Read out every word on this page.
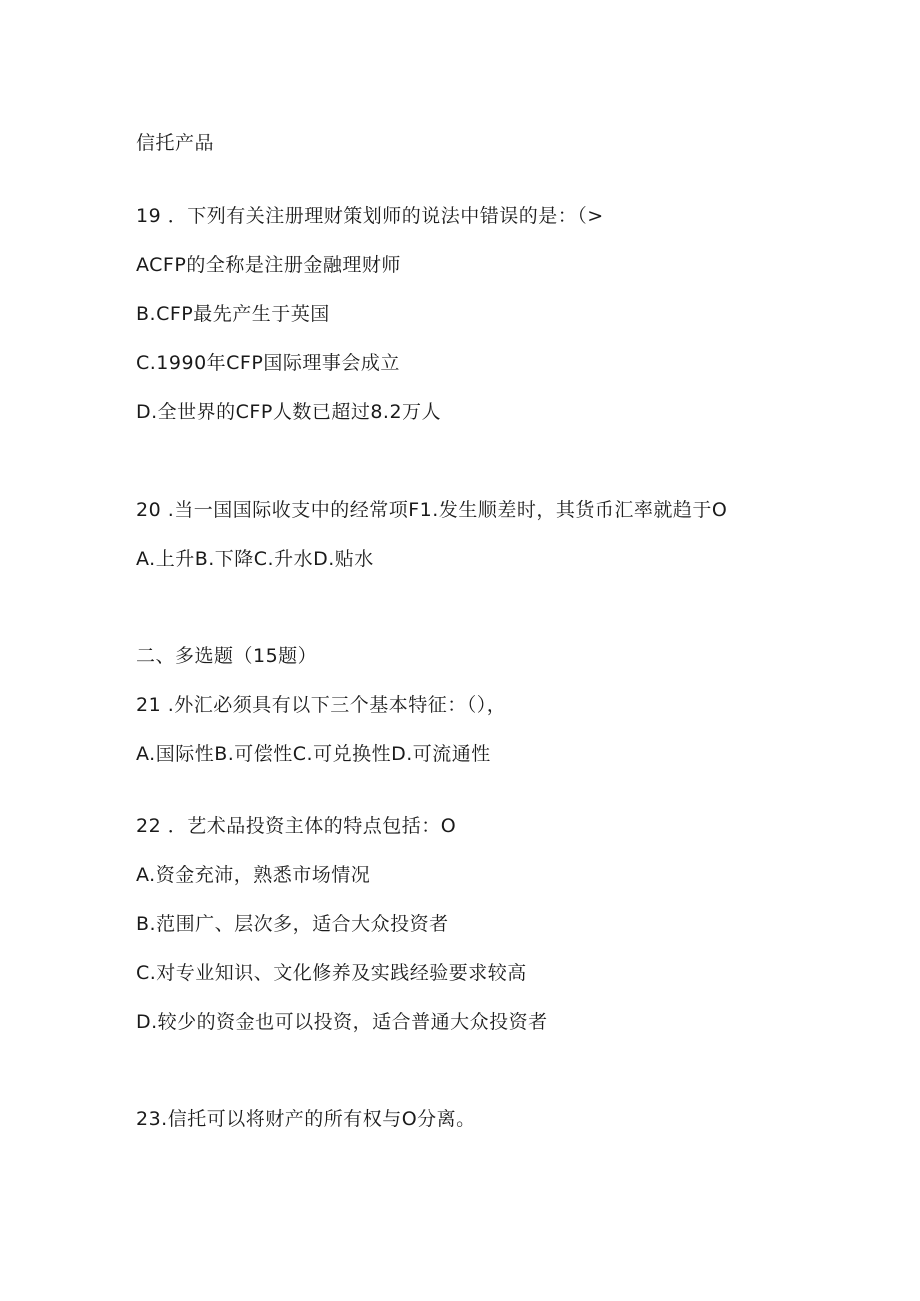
信托产品
19 ．下列有关注册理财策划师的说法中错误的是：（>
ACFP的全称是注册金融理财师
B.CFP最先产生于英国
C.1990年CFP国际理事会成立
D.全世界的CFP人数已超过8.2万人
20 .当一国国际收支中的经常项F1.发生顺差时，其货币汇率就趋于O
A.上升B.下降C.升水D.贴水
二、多选题（15题）
21 .外汇必须具有以下三个基本特征：（），
A.国际性B.可偿性C.可兑换性D.可流通性
22 ．艺术品投资主体的特点包括：O
A.资金充沛，熟悉市场情况
B.范围广、层次多，适合大众投资者
C.对专业知识、文化修养及实践经验要求较高
D.较少的资金也可以投资，适合普通大众投资者
23.信托可以将财产的所有权与O分离。
